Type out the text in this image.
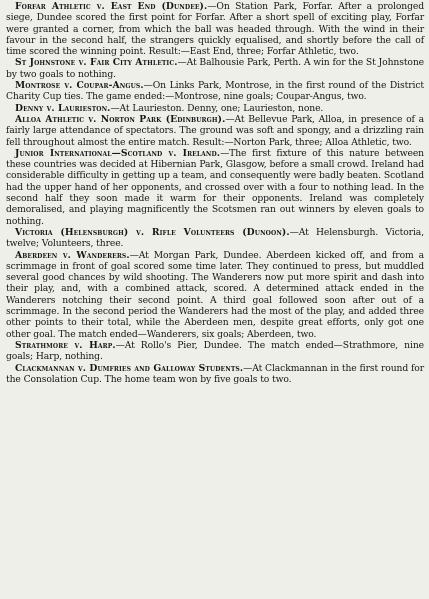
Forfar Athletic v. East End (Dundee).—On Station Park, Forfar. After a prolonged siege, Dundee scored the first point for Forfar. After a short spell of exciting play, Forfar were granted a corner, from which the ball was headed through. With the wind in their favour in the second half, the strangers quickly equalised, and shortly before the call of time scored the winning point. Result:—East End, three; Forfar Athletic, two.

St Johnstone v. Fair City Athletic.—At Balhousie Park, Perth. A win for the St Johnstone by two goals to nothing.

Montrose v. Coupar-Angus.—On Links Park, Montrose, in the first round of the District Charity Cup ties. The game ended:—Montrose, nine goals; Coupar-Angus, two.

Denny v. Laurieston.—At Laurieston. Denny, one; Laurieston, none.

Alloa Athletic v. Norton Park (Edinburgh).—At Bellevue Park, Alloa, in presence of a fairly large attendance of spectators. The ground was soft and spongy, and a drizzling rain fell throughout almost the entire match. Result:—Norton Park, three; Alloa Athletic, two.

Junior International—Scotland v. Ireland.—The first fixture of this nature between these countries was decided at Hibernian Park, Glasgow, before a small crowd. Ireland had considerable difficulty in getting up a team, and consequently were badly beaten. Scotland had the upper hand of her opponents, and crossed over with a four to nothing lead. In the second half they soon made it warm for their opponents. Ireland was completely demoralised, and playing magnificently the Scotsmen ran out winners by eleven goals to nothing.

Victoria (Helensburgh) v. Rifle Volunteers (Dunoon).—At Helensburgh. Victoria, twelve; Volunteers, three.

Aberdeen v. Wanderers.—At Morgan Park, Dundee. Aberdeen kicked off, and from a scrimmage in front of goal scored some time later. They continued to press, but muddled several good chances by wild shooting. The Wanderers now put more spirit and dash into their play, and, with a combined attack, scored. A determined attack ended in the Wanderers notching their second point. A third goal followed soon after out of a scrimmage. In the second period the Wanderers had the most of the play, and added three other points to their total, while the Aberdeen men, despite great efforts, only got one other goal. The match ended—Wanderers, six goals; Aberdeen, two.

Strathmore v. Harp.—At Rollo's Pier, Dundee. The match ended—Strathmore, nine goals; Harp, nothing.

Clackmannan v. Dumfries and Galloway Students.—At Clackmannan in the first round for the Consolation Cup. The home team won by five goals to two.
